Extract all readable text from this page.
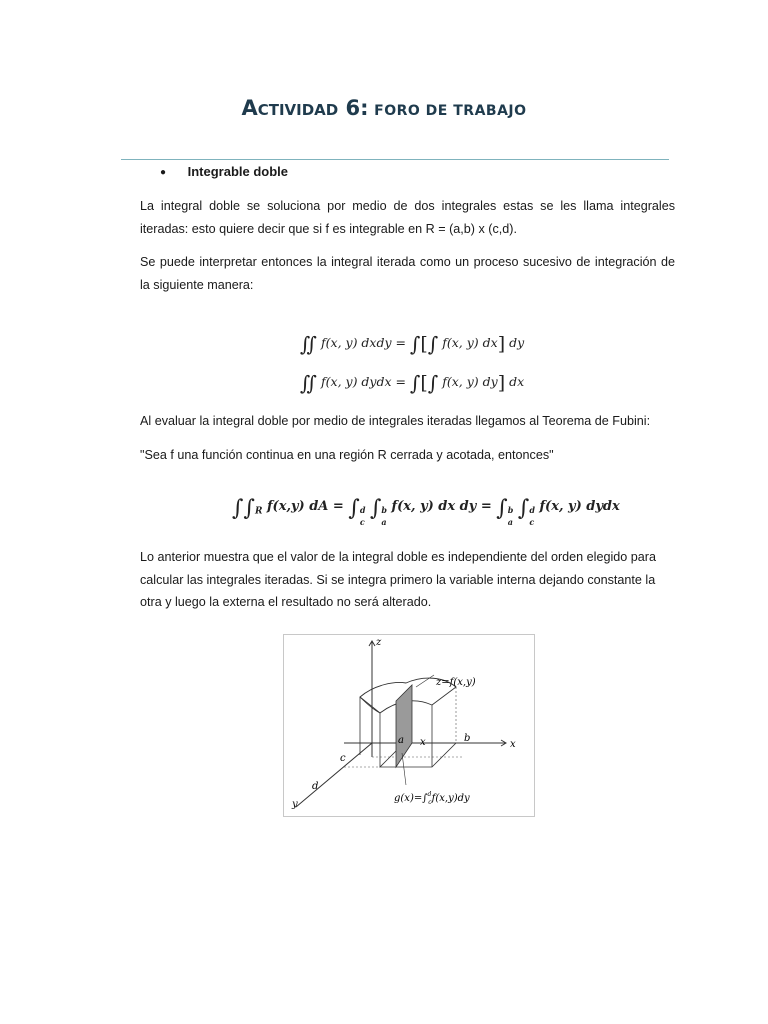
Actividad 6: FORO DE TRABAJO
● Integrable doble
La integral doble se soluciona por medio de dos integrales estas se les llama integrales iteradas: esto quiere decir que si f es integrable en R = (a,b) x (c,d).
Se puede interpretar entonces la integral iterada como un proceso sucesivo de integración de la siguiente manera:
∬ f(x, y) dxdy = ∫[∫ f(x, y) dx] dy
∬ f(x, y) dydx = ∫[∫ f(x, y) dy] dx
Al evaluar la integral doble por medio de integrales iteradas llegamos al Teorema de Fubini:
"Sea f una función continua en una región R cerrada y acotada, entonces"
$\int\int_R$ f(x,y) dA = ∫ d
c
∫ b
a
f(x, y) dx dy = ∫ b
a
∫ d
c
f(x, y) dydx
Lo anterior muestra que el valor de la integral doble es independiente del orden elegido para calcular las integrales iteradas. Si se integra primero la variable interna dejando constante la otra y luego la externa el resultado no será alterado.
z
x
y
z=f(x,y)
a x	b
c
d
g(x)=∫$^d$ cf(x,y)dy
